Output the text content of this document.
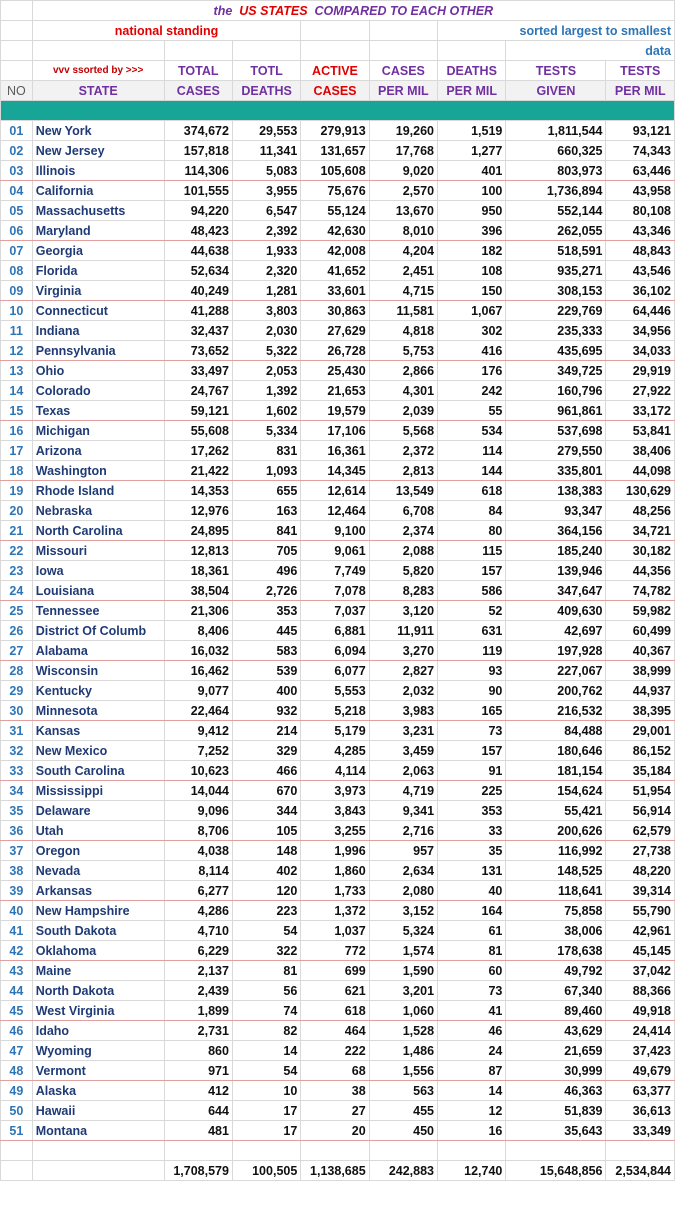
	the US STATES COMPARED TO EACH OTHER							
	national standing					sorted largest to smallest		
							data	
	vvv ssorted by >>>	TOTAL	TOTL	ACTIVE	CASES	DEATHS	TESTS	TESTS
NO	STATE	CASES	DEATHS	CASES	PER MIL	PER MIL	GIVEN	PER MIL

01	New York	374,672	29,553	279,913	19,260	1,519	1,811,544	93,121
02	New Jersey	157,818	11,341	131,657	17,768	1,277	660,325	74,343
03	Illinois	114,306	5,083	105,608	9,020	401	803,973	63,446
04	California	101,555	3,955	75,676	2,570	100	1,736,894	43,958
05	Massachusetts	94,220	6,547	55,124	13,670	950	552,144	80,108
06	Maryland	48,423	2,392	42,630	8,010	396	262,055	43,346
07	Georgia	44,638	1,933	42,008	4,204	182	518,591	48,843
08	Florida	52,634	2,320	41,652	2,451	108	935,271	43,546
09	Virginia	40,249	1,281	33,601	4,715	150	308,153	36,102
10	Connecticut	41,288	3,803	30,863	11,581	1,067	229,769	64,446
11	Indiana	32,437	2,030	27,629	4,818	302	235,333	34,956
12	Pennsylvania	73,652	5,322	26,728	5,753	416	435,695	34,033
13	Ohio	33,497	2,053	25,430	2,866	176	349,725	29,919
14	Colorado	24,767	1,392	21,653	4,301	242	160,796	27,922
15	Texas	59,121	1,602	19,579	2,039	55	961,861	33,172
16	Michigan	55,608	5,334	17,106	5,568	534	537,698	53,841
17	Arizona	17,262	831	16,361	2,372	114	279,550	38,406
18	Washington	21,422	1,093	14,345	2,813	144	335,801	44,098
19	Rhode Island	14,353	655	12,614	13,549	618	138,383	130,629
20	Nebraska	12,976	163	12,464	6,708	84	93,347	48,256
21	North Carolina	24,895	841	9,100	2,374	80	364,156	34,721
22	Missouri	12,813	705	9,061	2,088	115	185,240	30,182
23	Iowa	18,361	496	7,749	5,820	157	139,946	44,356
24	Louisiana	38,504	2,726	7,078	8,283	586	347,647	74,782
25	Tennessee	21,306	353	7,037	3,120	52	409,630	59,982
26	District Of Columb	8,406	445	6,881	11,911	631	42,697	60,499
27	Alabama	16,032	583	6,094	3,270	119	197,928	40,367
28	Wisconsin	16,462	539	6,077	2,827	93	227,067	38,999
29	Kentucky	9,077	400	5,553	2,032	90	200,762	44,937
30	Minnesota	22,464	932	5,218	3,983	165	216,532	38,395
31	Kansas	9,412	214	5,179	3,231	73	84,488	29,001
32	New Mexico	7,252	329	4,285	3,459	157	180,646	86,152
33	South Carolina	10,623	466	4,114	2,063	91	181,154	35,184
34	Mississippi	14,044	670	3,973	4,719	225	154,624	51,954
35	Delaware	9,096	344	3,843	9,341	353	55,421	56,914
36	Utah	8,706	105	3,255	2,716	33	200,626	62,579
37	Oregon	4,038	148	1,996	957	35	116,992	27,738
38	Nevada	8,114	402	1,860	2,634	131	148,525	48,220
39	Arkansas	6,277	120	1,733	2,080	40	118,641	39,314
40	New Hampshire	4,286	223	1,372	3,152	164	75,858	55,790
41	South Dakota	4,710	54	1,037	5,324	61	38,006	42,961
42	Oklahoma	6,229	322	772	1,574	81	178,638	45,145
43	Maine	2,137	81	699	1,590	60	49,792	37,042
44	North Dakota	2,439	56	621	3,201	73	67,340	88,366
45	West Virginia	1,899	74	618	1,060	41	89,460	49,918
46	Idaho	2,731	82	464	1,528	46	43,629	24,414
47	Wyoming	860	14	222	1,486	24	21,659	37,423
48	Vermont	971	54	68	1,556	87	30,999	49,679
49	Alaska	412	10	38	563	14	46,363	63,377
50	Hawaii	644	17	27	455	12	51,839	36,613
51	Montana	481	17	20	450	16	35,643	33,349

		1,708,579	100,505	1,138,685	242,883	12,740	15,648,856	2,534,844
